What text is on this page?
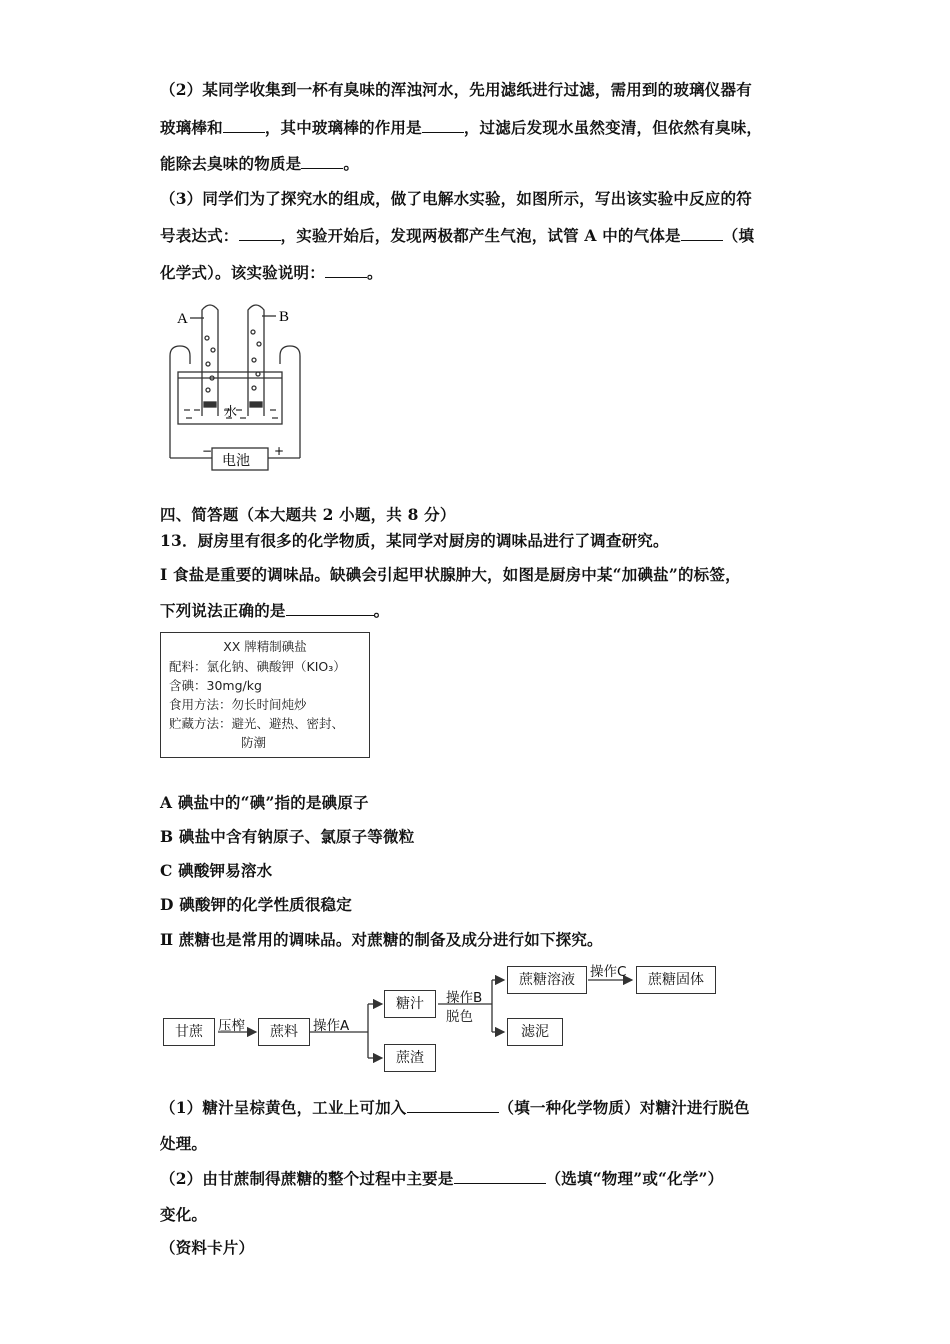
（2）某同学收集到一杯有臭味的浑浊河水，先用滤纸进行过滤，需用到的玻璃仪器有
玻璃棒和	，其中玻璃棒的作用是	，过滤后发现水虽然变清，但依然有臭味，
能除去臭味的物质是	。
（3）同学们为了探究水的组成，做了电解水实验，如图所示，写出该实验中反应的符
号表达式：	，实验开始后，发现两极都产生气泡，试管 A 中的气体是	（填
化学式）。该实验说明：	。
A	B
水
电池
−	+
四、简答题（本大题共 2 小题，共 8 分）
13．厨房里有很多的化学物质，某同学对厨房的调味品进行了调查研究。
Ⅰ 食盐是重要的调味品。缺碘会引起甲状腺肿大，如图是厨房中某“加碘盐”的标签，
下列说法正确的是	。
XX 牌精制碘盐
配料：氯化钠、碘酸钾（KIO₃）
含碘：30mg/kg
食用方法：勿长时间炖炒
贮藏方法：避光、避热、密封、
防潮
A 碘盐中的“碘”指的是碘原子
B 碘盐中含有钠原子、氯原子等微粒
C 碘酸钾易溶水
D 碘酸钾的化学性质很稳定
Ⅱ 蔗糖也是常用的调味品。对蔗糖的制备及成分进行如下探究。
甘蔗	压榨	蔗料	操作A
糖汁
蔗渣
操作B
脱色
蔗糖溶液
滤泥
操作C	蔗糖固体
（1）糖汁呈棕黄色，工业上可加入	（填一种化学物质）对糖汁进行脱色
处理。
（2）由甘蔗制得蔗糖的整个过程中主要是	（选填“物理”或“化学”）
变化。
（资料卡片）
